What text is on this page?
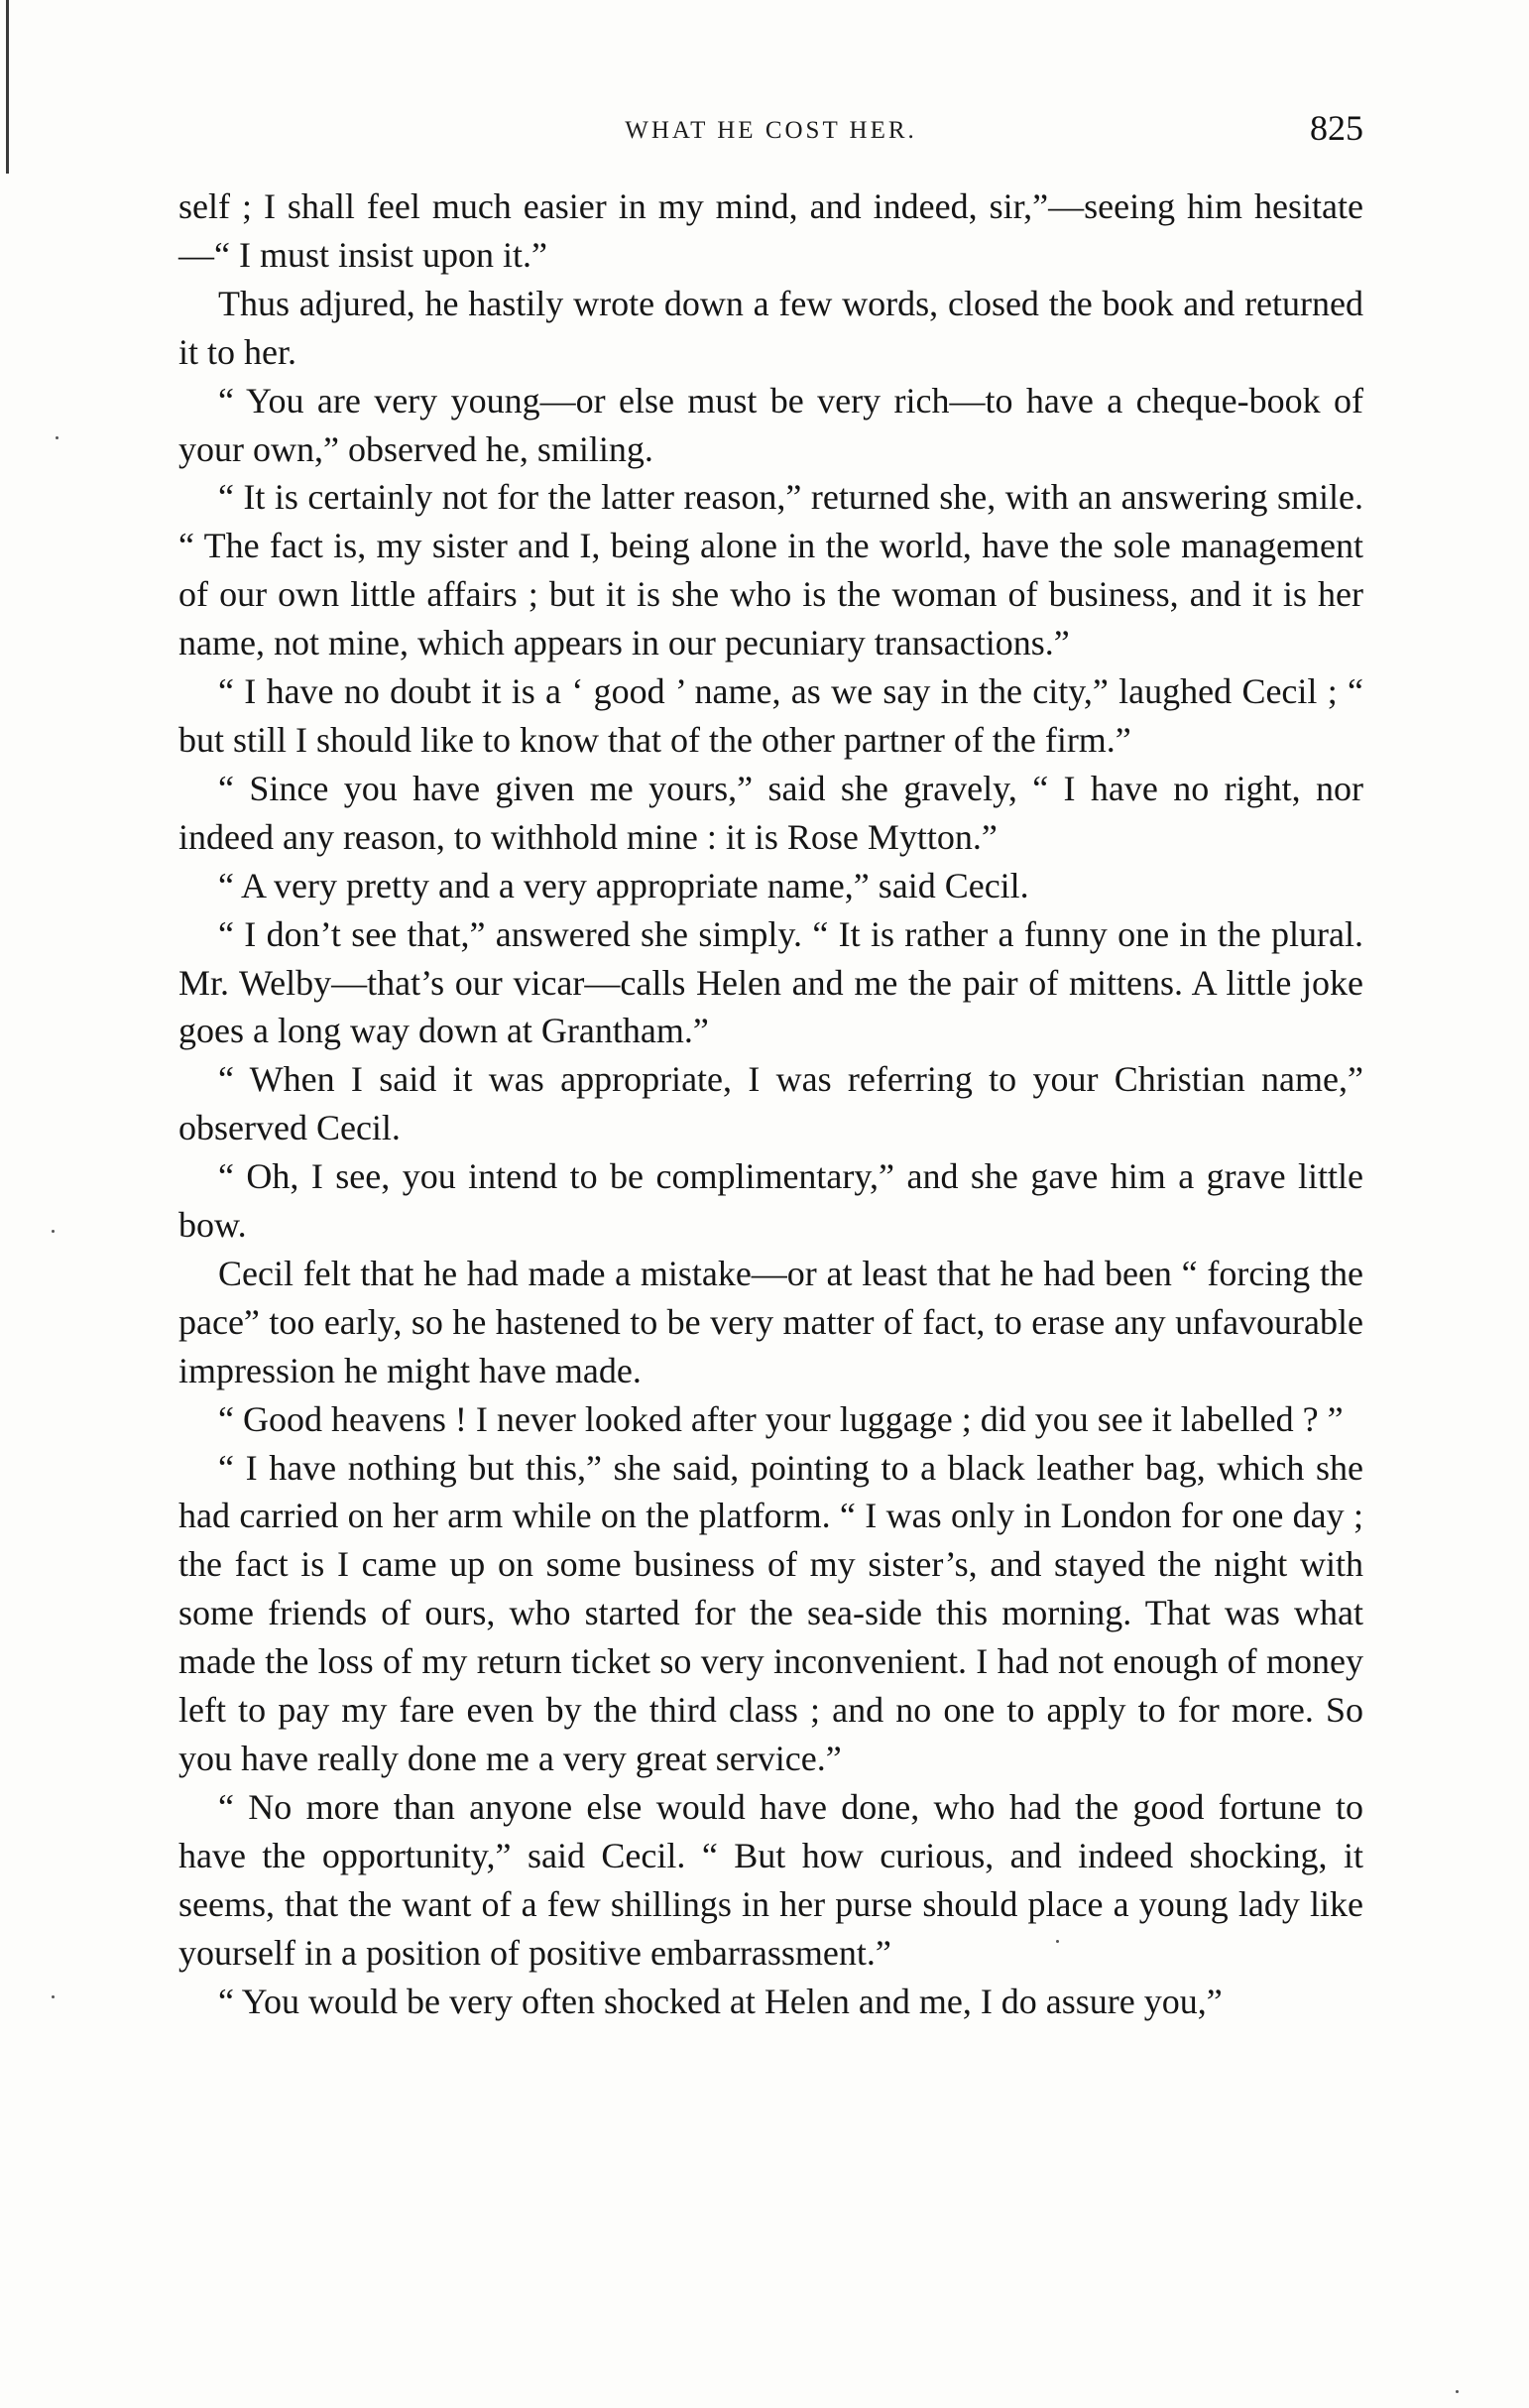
WHAT HE COST HER.	825

self ; I shall feel much easier in my mind, and indeed, sir,”—seeing him hesitate—“ I must insist upon it.”

Thus adjured, he hastily wrote down a few words, closed the book and returned it to her.

“ You are very young—or else must be very rich—to have a cheque-book of your own,” observed he, smiling.

“ It is certainly not for the latter reason,” returned she, with an answering smile. “ The fact is, my sister and I, being alone in the world, have the sole management of our own little affairs ; but it is she who is the woman of business, and it is her name, not mine, which appears in our pecuniary transactions.”

“ I have no doubt it is a ‘ good ’ name, as we say in the city,” laughed Cecil ; “ but still I should like to know that of the other partner of the firm.”

“ Since you have given me yours,” said she gravely, “ I have no right, nor indeed any reason, to withhold mine : it is Rose Mytton.”

“ A very pretty and a very appropriate name,” said Cecil.

“ I don’t see that,” answered she simply. “ It is rather a funny one in the plural. Mr. Welby—that’s our vicar—calls Helen and me the pair of mittens. A little joke goes a long way down at Grantham.”

“ When I said it was appropriate, I was referring to your Christian name,” observed Cecil.

“ Oh, I see, you intend to be complimentary,” and she gave him a grave little bow.

Cecil felt that he had made a mistake—or at least that he had been “ forcing the pace” too early, so he hastened to be very matter of fact, to erase any unfavourable impression he might have made.

“ Good heavens ! I never looked after your luggage ; did you see it labelled ? ”

“ I have nothing but this,” she said, pointing to a black leather bag, which she had carried on her arm while on the platform. “ I was only in London for one day ; the fact is I came up on some business of my sister’s, and stayed the night with some friends of ours, who started for the sea-side this morning. That was what made the loss of my return ticket so very inconvenient. I had not enough of money left to pay my fare even by the third class ; and no one to apply to for more. So you have really done me a very great service.”

“ No more than anyone else would have done, who had the good fortune to have the opportunity,” said Cecil. “ But how curious, and indeed shocking, it seems, that the want of a few shillings in her purse should place a young lady like yourself in a position of positive embarrassment.”

“ You would be very often shocked at Helen and me, I do assure you,”
